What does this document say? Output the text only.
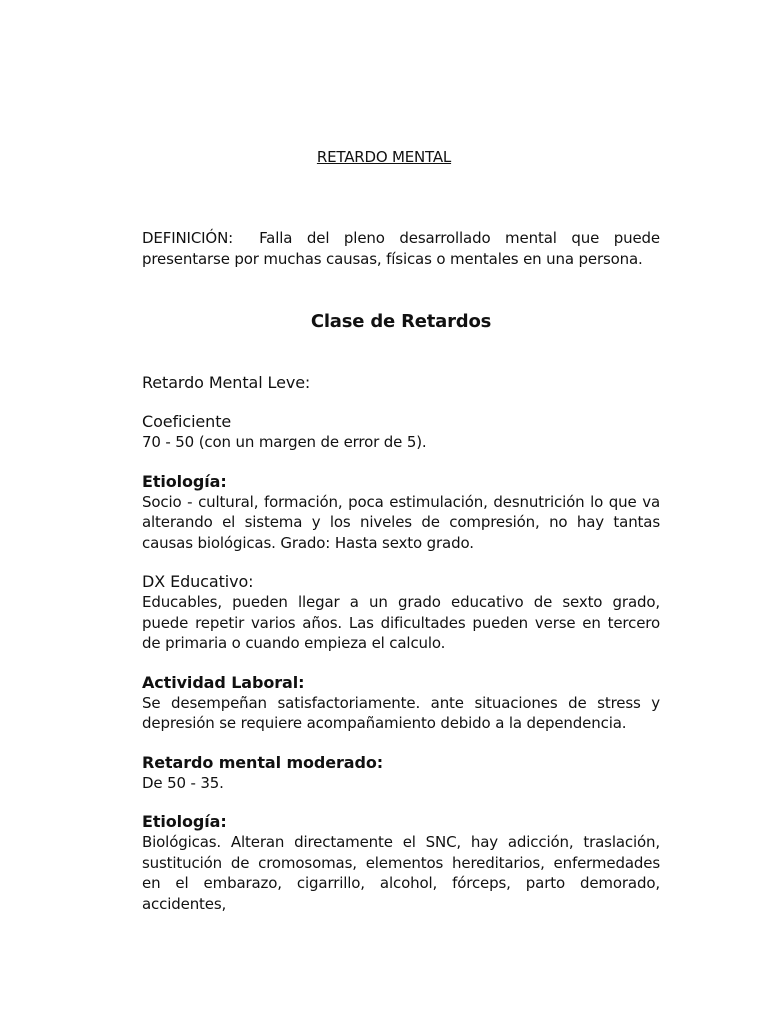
RETARDO MENTAL

DEFINICIÓN: Falla del pleno desarrollado mental que puede presentarse por muchas causas, físicas o mentales en una persona.

Clase de Retardos

Retardo Mental Leve:

Coeficiente

70 - 50 (con un margen de error de 5).

Etiología:

Socio - cultural, formación, poca estimulación, desnutrición lo que va alterando el sistema y los niveles de compresión, no hay tantas causas biológicas. Grado: Hasta sexto grado.

DX Educativo:

Educables, pueden llegar a un grado educativo de sexto grado, puede repetir varios años. Las dificultades pueden verse en tercero de primaria o cuando empieza el calculo.

Actividad Laboral:

Se desempeñan satisfactoriamente. ante situaciones de stress y depresión se requiere acompañamiento debido a la dependencia.

Retardo mental moderado:

De 50 - 35.

Etiología:

Biológicas. Alteran directamente el SNC, hay adicción, traslación, sustitución de cromosomas, elementos hereditarios, enfermedades en el embarazo, cigarrillo, alcohol, fórceps, parto demorado, accidentes,
